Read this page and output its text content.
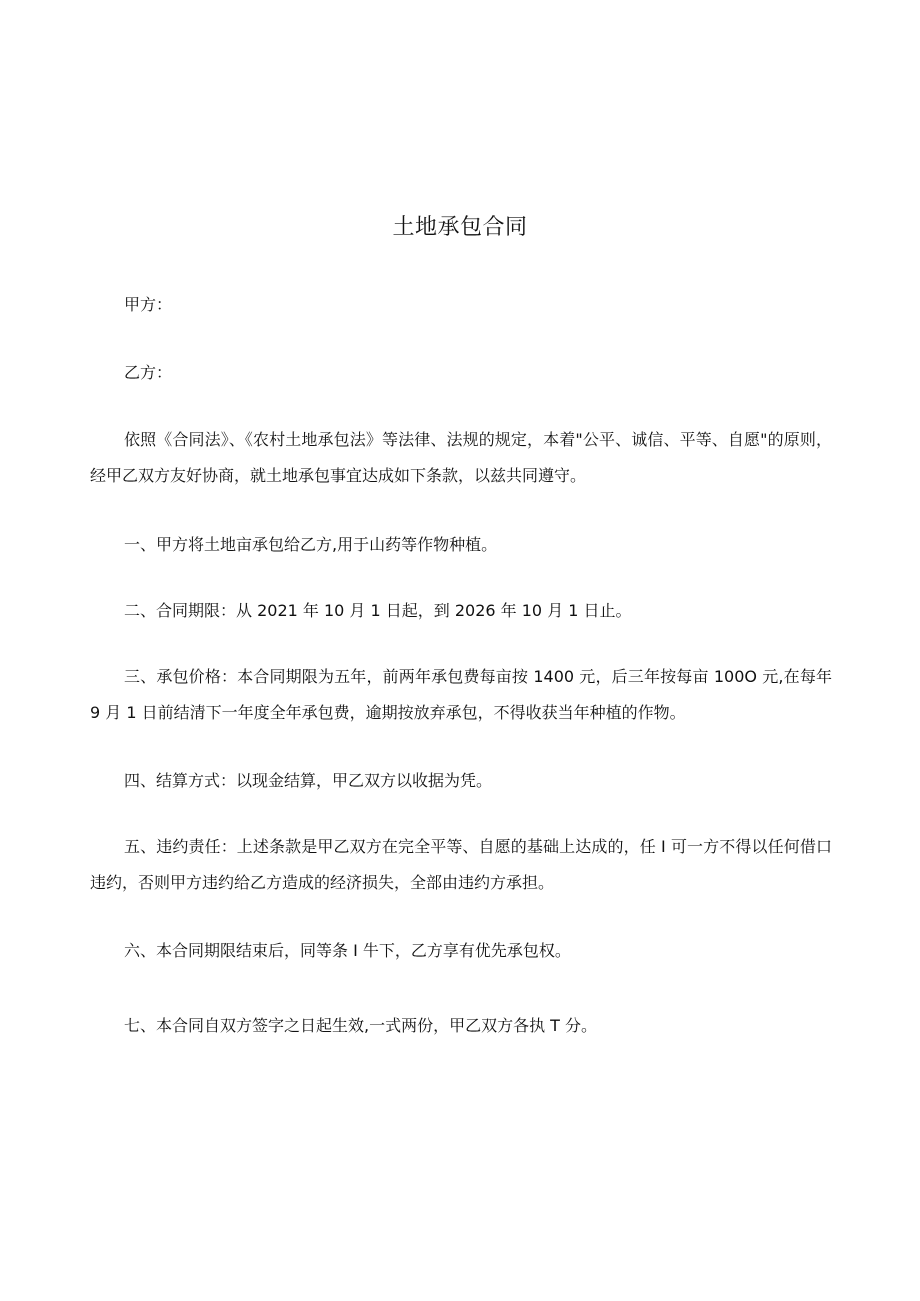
土地承包合同
甲方：
乙方：
依照《合同法》、《农村土地承包法》等法律、法规的规定，本着"公平、诚信、平等、自愿"的原则，经甲乙双方友好协商，就土地承包事宜达成如下条款，以兹共同遵守。
一、甲方将土地亩承包给乙方,用于山药等作物种植。
二、合同期限：从 2021 年 10 月 1 日起，到 2026 年 10 月 1 日止。
三、承包价格：本合同期限为五年，前两年承包费每亩按 1400 元，后三年按每亩 100O 元,在每年 9 月 1 日前结清下一年度全年承包费，逾期按放弃承包，不得收获当年种植的作物。
四、结算方式：以现金结算，甲乙双方以收据为凭。
五、违约责任：上述条款是甲乙双方在完全平等、自愿的基础上达成的，任 I 可一方不得以任何借口违约，否则甲方违约给乙方造成的经济损失，全部由违约方承担。
六、本合同期限结束后，同等条 I 牛下，乙方享有优先承包权。
七、本合同自双方签字之日起生效,一式两份，甲乙双方各执 T 分。
